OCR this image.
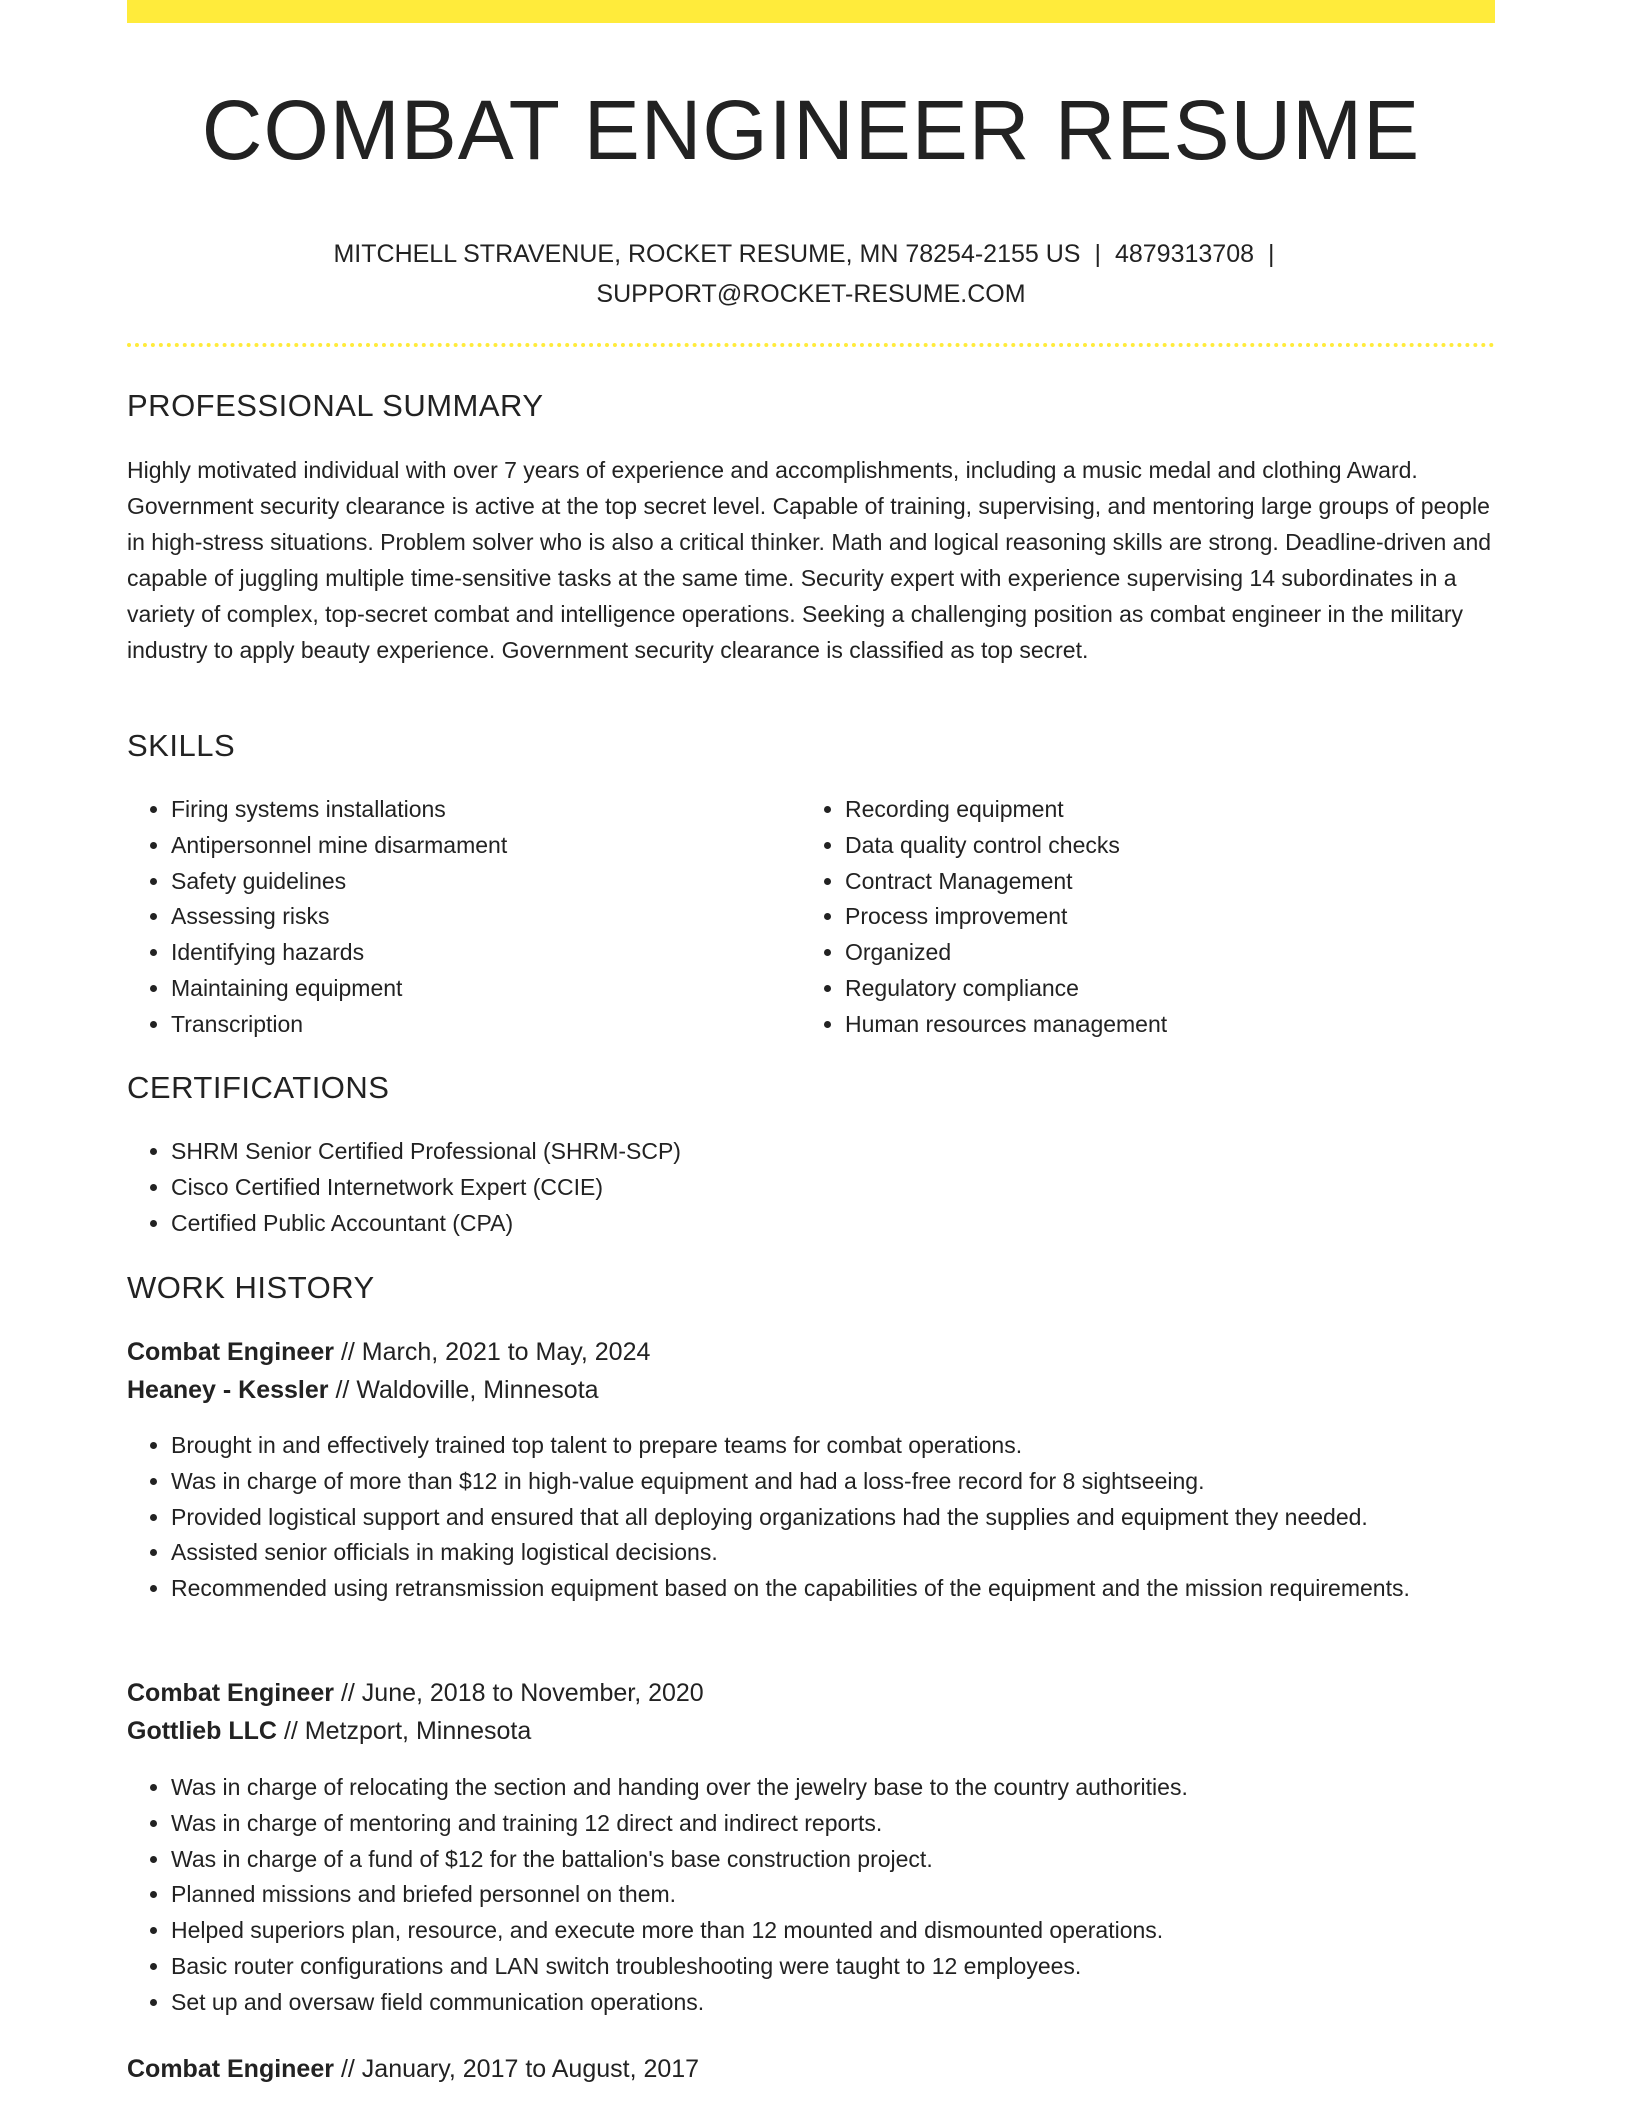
COMBAT ENGINEER RESUME
MITCHELL STRAVENUE, ROCKET RESUME, MN 78254-2155 US | 4879313708 |
SUPPORT@ROCKET-RESUME.COM
PROFESSIONAL SUMMARY

Highly motivated individual with over 7 years of experience and accomplishments, including a music medal and clothing Award. Government security clearance is active at the top secret level. Capable of training, supervising, and mentoring large groups of people in high-stress situations. Problem solver who is also a critical thinker. Math and logical reasoning skills are strong. Deadline-driven and capable of juggling multiple time-sensitive tasks at the same time. Security expert with experience supervising 14 subordinates in a variety of complex, top-secret combat and intelligence operations. Seeking a challenging position as combat engineer in the military industry to apply beauty experience. Government security clearance is classified as top secret.

SKILLS
• Firing systems installations
• Antipersonnel mine disarmament
• Safety guidelines
• Assessing risks
• Identifying hazards
• Maintaining equipment
• Transcription
• Recording equipment
• Data quality control checks
• Contract Management
• Process improvement
• Organized
• Regulatory compliance
• Human resources management
CERTIFICATIONS
• SHRM Senior Certified Professional (SHRM-SCP)
• Cisco Certified Internetwork Expert (CCIE)
• Certified Public Accountant (CPA)
WORK HISTORY
Combat Engineer // March, 2021 to May, 2024
Heaney - Kessler // Waldoville, Minnesota
• Brought in and effectively trained top talent to prepare teams for combat operations.
• Was in charge of more than $12 in high-value equipment and had a loss-free record for 8 sightseeing.
• Provided logistical support and ensured that all deploying organizations had the supplies and equipment they needed.
• Assisted senior officials in making logistical decisions.
• Recommended using retransmission equipment based on the capabilities of the equipment and the mission requirements.
Combat Engineer // June, 2018 to November, 2020
Gottlieb LLC // Metzport, Minnesota
• Was in charge of relocating the section and handing over the jewelry base to the country authorities.
• Was in charge of mentoring and training 12 direct and indirect reports.
• Was in charge of a fund of $12 for the battalion's base construction project.
• Planned missions and briefed personnel on them.
• Helped superiors plan, resource, and execute more than 12 mounted and dismounted operations.
• Basic router configurations and LAN switch troubleshooting were taught to 12 employees.
• Set up and oversaw field communication operations.
Combat Engineer // January, 2017 to August, 2017
